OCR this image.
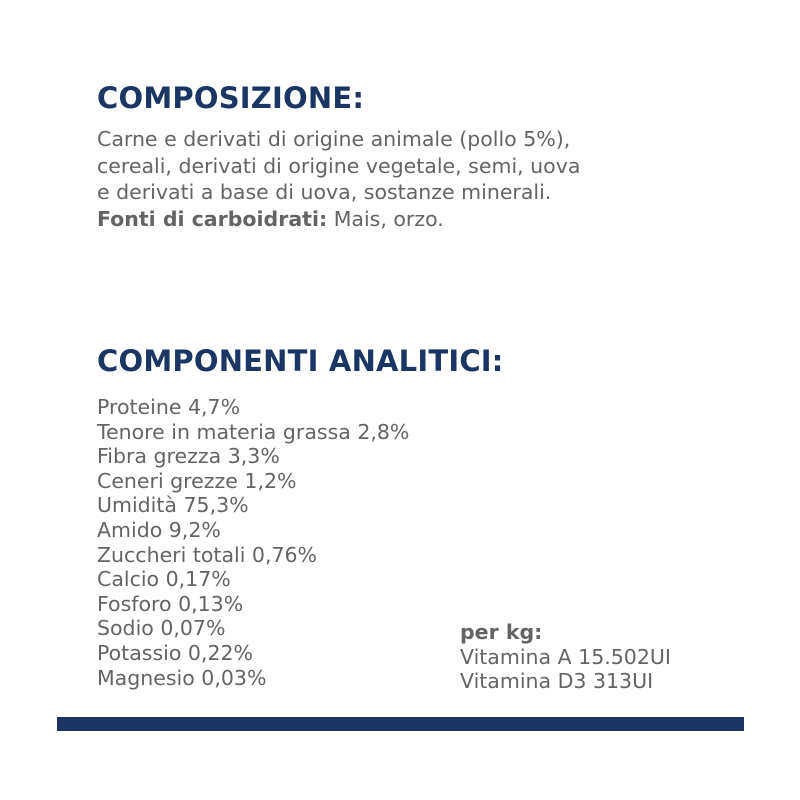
COMPOSIZIONE:

Carne e derivati di origine animale (pollo 5%),
cereali, derivati di origine vegetale, semi, uova
e derivati a base di uova, sostanze minerali.
Fonti di carboidrati: Mais, orzo.

COMPONENTI ANALITICI:
Proteine 4,7%
Tenore in materia grassa 2,8%
Fibra grezza 3,3%
Ceneri grezze 1,2%
Umidità 75,3%
Amido 9,2%
Zuccheri totali 0,76%
Calcio 0,17%
Fosforo 0,13%
Sodio 0,07%
Potassio 0,22%
Magnesio 0,03%
per kg:
Vitamina A 15.502UI
Vitamina D3 313UI
